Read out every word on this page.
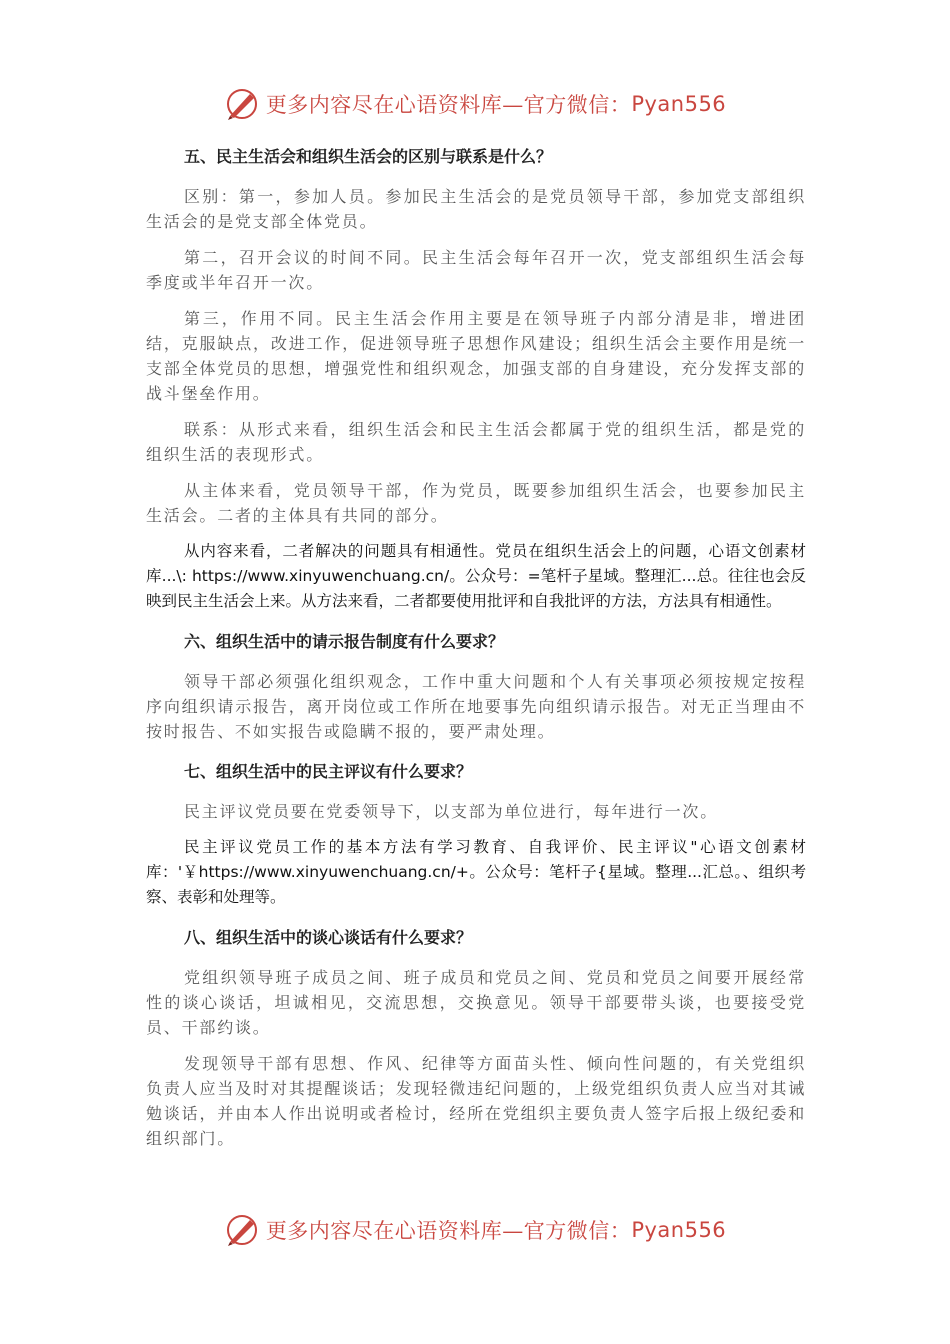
更多内容尽在心语资料库—官方微信： Pyan556
五、民主生活会和组织生活会的区别与联系是什么？

区别：第一，参加人员。参加民主生活会的是党员领导干部，参加党支部组织生活会的是党支部全体党员。

第二，召开会议的时间不同。民主生活会每年召开一次，党支部组织生活会每季度或半年召开一次。

第三，作用不同。民主生活会作用主要是在领导班子内部分清是非，增进团结，克服缺点，改进工作，促进领导班子思想作风建设；组织生活会主要作用是统一支部全体党员的思想，增强党性和组织观念，加强支部的自身建设，充分发挥支部的战斗堡垒作用。

联系：从形式来看，组织生活会和民主生活会都属于党的组织生活，都是党的组织生活的表现形式。

从主体来看，党员领导干部，作为党员，既要参加组织生活会，也要参加民主生活会。二者的主体具有共同的部分。

从内容来看，二者解决的问题具有相通性。党员在组织生活会上的问题，心语文创素材库...\: https://www.xinyuwenchuang.cn/。公众号：=笔杆子星域。整理汇...总。往往也会反映到民主生活会上来。从方法来看，二者都要使用批评和自我批评的方法，方法具有相通性。

六、组织生活中的请示报告制度有什么要求？

领导干部必须强化组织观念，工作中重大问题和个人有关事项必须按规定按程序向组织请示报告，离开岗位或工作所在地要事先向组织请示报告。对无正当理由不按时报告、不如实报告或隐瞒不报的，要严肃处理。

七、组织生活中的民主评议有什么要求？

民主评议党员要在党委领导下，以支部为单位进行，每年进行一次。

民主评议党员工作的基本方法有学习教育、自我评价、民主评议"心语文创素材库：'￥https://www.xinyuwenchuang.cn/+。公众号：笔杆子{星域。整理...汇总。、组织考察、表彰和处理等。

八、组织生活中的谈心谈话有什么要求？

党组织领导班子成员之间、班子成员和党员之间、党员和党员之间要开展经常性的谈心谈话，坦诚相见，交流思想，交换意见。领导干部要带头谈，也要接受党员、干部约谈。

发现领导干部有思想、作风、纪律等方面苗头性、倾向性问题的，有关党组织负责人应当及时对其提醒谈话；发现轻微违纪问题的，上级党组织负责人应当对其诫勉谈话，并由本人作出说明或者检讨，经所在党组织主要负责人签字后报上级纪委和组织部门。

更多内容尽在心语资料库—官方微信： Pyan556
